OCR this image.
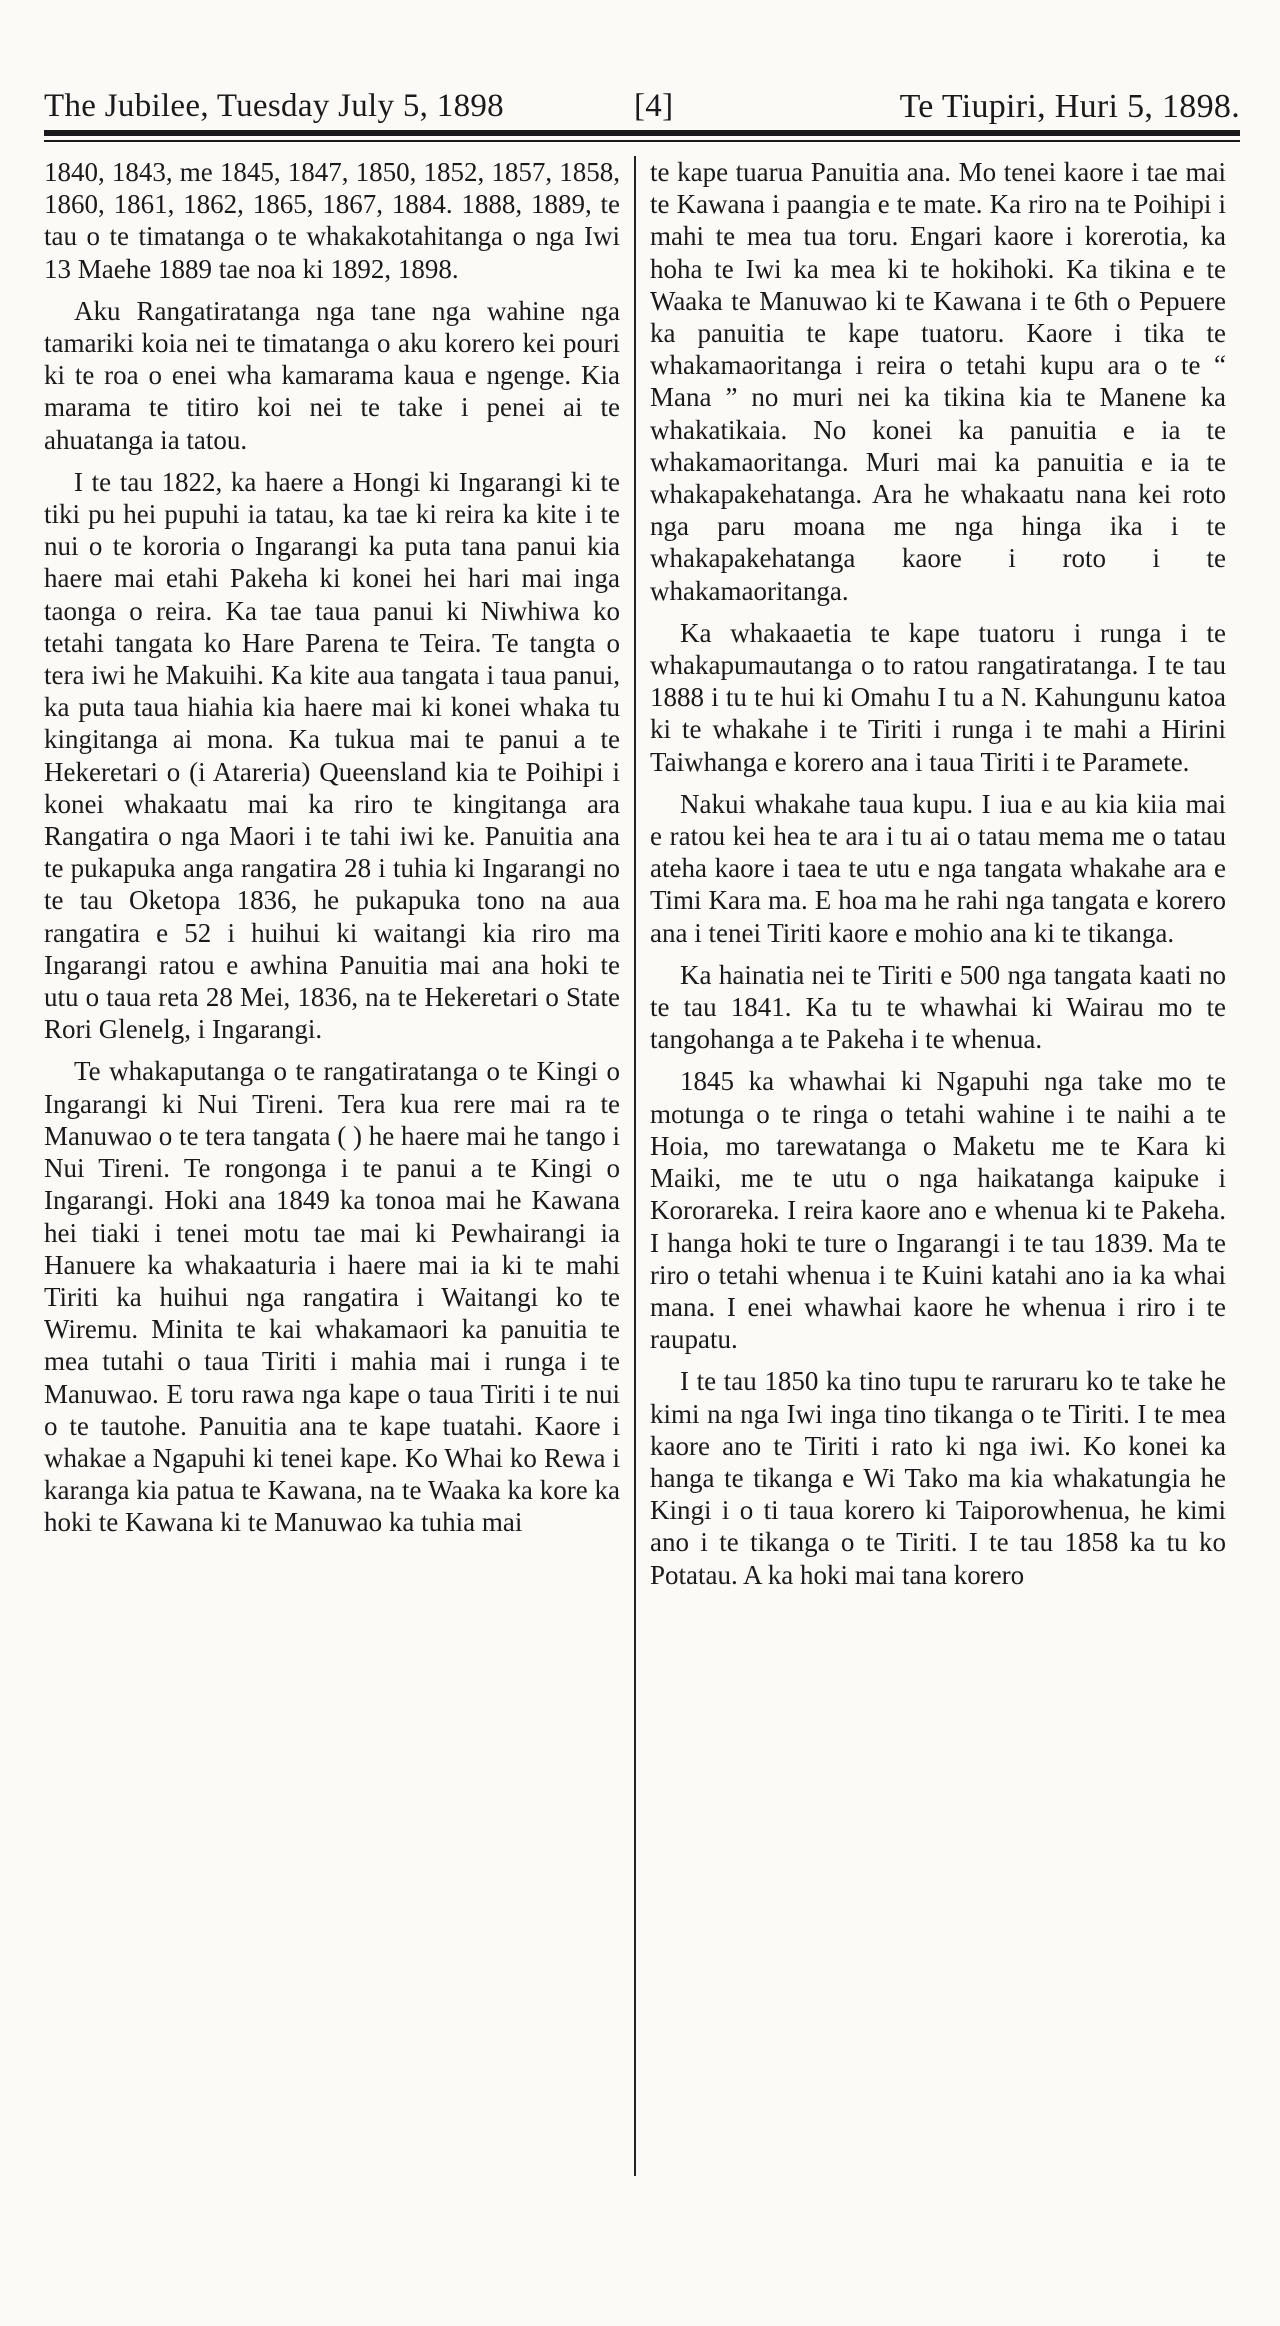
The Jubilee, Tuesday July 5, 1898	[4]	Te Tiupiri, Huri 5, 1898.

1840, 1843, me 1845, 1847, 1850, 1852, 1857, 1858, 1860, 1861, 1862, 1865, 1867, 1884. 1888, 1889, te tau o te timatanga o te whakakotahitanga o nga Iwi 13 Maehe 1889 tae noa ki 1892, 1898.

Aku Rangatiratanga nga tane nga wahine nga tamariki koia nei te timatanga o aku korero kei pouri ki te roa o enei wha kamarama kaua e ngenge. Kia marama te titiro koi nei te take i penei ai te ahuatanga ia tatou.

I te tau 1822, ka haere a Hongi ki Ingarangi ki te tiki pu hei pupuhi ia tatau, ka tae ki reira ka kite i te nui o te kororia o Ingarangi ka puta tana panui kia haere mai etahi Pakeha ki konei hei hari mai inga taonga o reira. Ka tae taua panui ki Niwhiwa ko tetahi tangata ko Hare Parena te Teira. Te tangta o tera iwi he Makuihi. Ka kite aua tangata i taua panui, ka puta taua hiahia kia haere mai ki konei whaka tu kingitanga ai mona. Ka tukua mai te panui a te Hekeretari o (i Atareria) Queensland kia te Poihipi i konei whakaatu mai ka riro te kingitanga ara Rangatira o nga Maori i te tahi iwi ke. Panuitia ana te pukapuka anga rangatira 28 i tuhia ki Ingarangi no te tau Oketopa 1836, he pukapuka tono na aua rangatira e 52 i huihui ki waitangi kia riro ma Ingarangi ratou e awhina Panuitia mai ana hoki te utu o taua reta 28 Mei, 1836, na te Hekeretari o State Rori Glenelg, i Ingarangi.

Te whakaputanga o te rangatiratanga o te Kingi o Ingarangi ki Nui Tireni. Tera kua rere mai ra te Manuwao o te tera tangata ( ) he haere mai he tango i Nui Tireni. Te rongonga i te panui a te Kingi o Ingarangi. Hoki ana 1849 ka tonoa mai he Kawana hei tiaki i tenei motu tae mai ki Pewhairangi ia Hanuere ka whakaaturia i haere mai ia ki te mahi Tiriti ka huihui nga rangatira i Waitangi ko te Wiremu. Minita te kai whakamaori ka panuitia te mea tutahi o taua Tiriti i mahia mai i runga i te Manuwao. E toru rawa nga kape o taua Tiriti i te nui o te tautohe. Panuitia ana te kape tuatahi. Kaore i whakae a Ngapuhi ki tenei kape. Ko Whai ko Rewa i karanga kia patua te Kawana, na te Waaka ka kore ka hoki te Kawana ki te Manuwao ka tuhia mai

te kape tuarua Panuitia ana. Mo tenei kaore i tae mai te Kawana i paangia e te mate. Ka riro na te Poihipi i mahi te mea tua toru. Engari kaore i korerotia, ka hoha te Iwi ka mea ki te hokihoki. Ka tikina e te Waaka te Manuwao ki te Kawana i te 6th o Pepuere ka panuitia te kape tuatoru. Kaore i tika te whakamaoritanga i reira o tetahi kupu ara o te “ Mana ” no muri nei ka tikina kia te Manene ka whakatikaia. No konei ka panuitia e ia te whakamaoritanga. Muri mai ka panuitia e ia te whakapakehatanga. Ara he whakaatu nana kei roto nga paru moana me nga hinga ika i te whakapakehatanga kaore i roto i te whakamaoritanga.

Ka whakaaetia te kape tuatoru i runga i te whakapumautanga o to ratou rangatiratanga. I te tau 1888 i tu te hui ki Omahu I tu a N. Kahungunu katoa ki te whakahe i te Tiriti i runga i te mahi a Hirini Taiwhanga e korero ana i taua Tiriti i te Paramete.

Nakui whakahe taua kupu. I iua e au kia kiia mai e ratou kei hea te ara i tu ai o tatau mema me o tatau ateha kaore i taea te utu e nga tangata whakahe ara e Timi Kara ma. E hoa ma he rahi nga tangata e korero ana i tenei Tiriti kaore e mohio ana ki te tikanga.

Ka hainatia nei te Tiriti e 500 nga tangata kaati no te tau 1841. Ka tu te whawhai ki Wairau mo te tangohanga a te Pakeha i te whenua.

1845 ka whawhai ki Ngapuhi nga take mo te motunga o te ringa o tetahi wahine i te naihi a te Hoia, mo tarewatanga o Maketu me te Kara ki Maiki, me te utu o nga haikatanga kaipuke i Kororareka. I reira kaore ano e whenua ki te Pakeha. I hanga hoki te ture o Ingarangi i te tau 1839. Ma te riro o tetahi whenua i te Kuini katahi ano ia ka whai mana. I enei whawhai kaore he whenua i riro i te raupatu.

I te tau 1850 ka tino tupu te raruraru ko te take he kimi na nga Iwi inga tino tikanga o te Tiriti. I te mea kaore ano te Tiriti i rato ki nga iwi. Ko konei ka hanga te tikanga e Wi Tako ma kia whakatungia he Kingi i o ti taua korero ki Taiporowhenua, he kimi ano i te tikanga o te Tiriti. I te tau 1858 ka tu ko Potatau. A ka hoki mai tana korero
